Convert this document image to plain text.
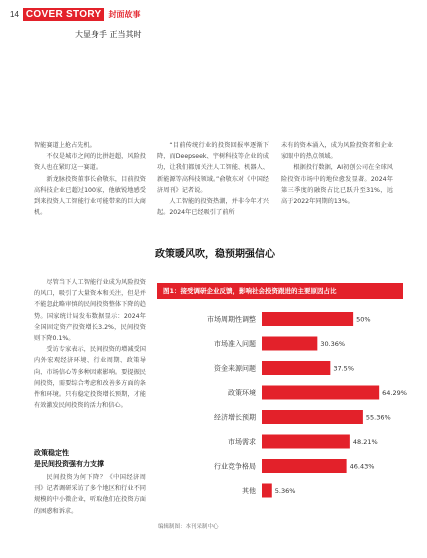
14 COVER STORY 封面故事
大显身手 正当其时

智能赛道上抢占先机。

不仅是城市之间的比拼赶超，风险投资人也在紧盯这一赛道。

新龙脉投资董事长俞敬东，目前投资高科技企业已超过100家，他敏锐地感受到来投资人工智能行业可能带来的巨大商机。

“目前传统行业的投资回报率逐渐下降，而Deepseek、宇树科技等企业的成功，让我们都加关注人工智能、机器人、新能源等高科技领域。”俞敬东对《中国经济周刊》记者说。

人工智能的投资热潮，并非今年才兴起。2024年已经吸引了前所

未有的资本涌入，成为风险投资者和企业家眼中的热点领域。

根据投行数据，AI初创公司在全球风险投资市场中的地位愈发显著。2024年第三季度的融资占比已跃升至31%，远高于2022年同期的13%。

政策暖风吹，稳预期强信心

尽管当下人工智能行业成为风险投资的风口，吸引了大量资本和关注，但是并不能忽此略审慎的民间投资整体下降的趋势。国家统计局发布数据显示：2024年全国固定资产投资增长3.2%，民间投资则下降0.1%。

受访专家表示，民间投资的增减受国内外宏观经济环境、行业周期、政策导向、市场信心等多种因素影响。要提振民间投资，需要综合考虑和改善多方面的条件和环境。只有稳定投资增长预期，才能有效激发民间投资的活力和信心。

政策稳定性
是民间投资强有力支撑

民间投资为何下降？《中国经济周刊》记者调研采访了多个地区和行业不同规模的中小微企业，听取他们在投资方面的困惑和诉求。

图1：接受调研企业反馈，影响社会投资跟进的主要原因占比
市场周期性调整	50%
市场准入问题	30.36%
资金来源问题	37.5%
政策环境	64.29%
经济增长预期	55.36%
市场需求	48.21%
行业竞争格局	46.43%
其他	5.36%
编辑制图：本刊采制中心
